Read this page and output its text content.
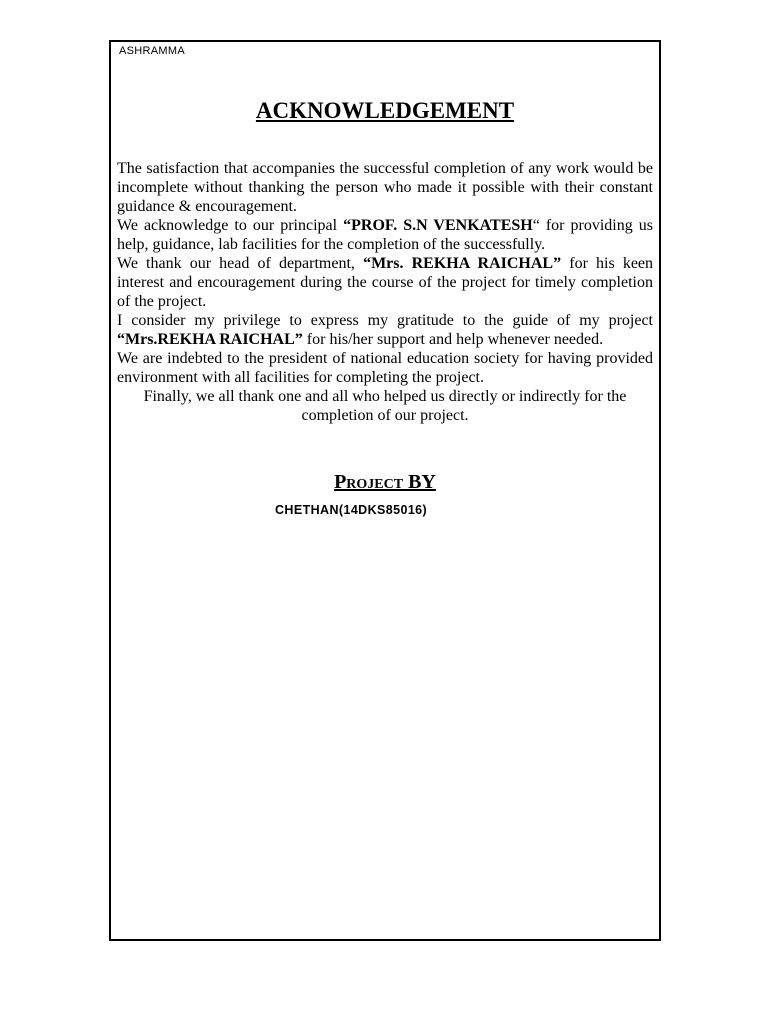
ASHRAMMA
ACKNOWLEDGEMENT

The satisfaction that accompanies the successful completion of any work would be incomplete without thanking the person who made it possible with their constant guidance & encouragement.

We acknowledge to our principal “PROF. S.N VENKATESH“ for providing us help, guidance, lab facilities for the completion of the successfully.

We thank our head of department, “Mrs. REKHA RAICHAL” for his keen interest and encouragement during the course of the project for timely completion of the project.

I consider my privilege to express my gratitude to the guide of my project “Mrs.REKHA RAICHAL” for his/her support and help whenever needed.

We are indebted to the president of national education society for having provided environment with all facilities for completing the project.

Finally, we all thank one and all who helped us directly or indirectly for the completion of our project.

Project BY
CHETHAN(14DKS85016)
